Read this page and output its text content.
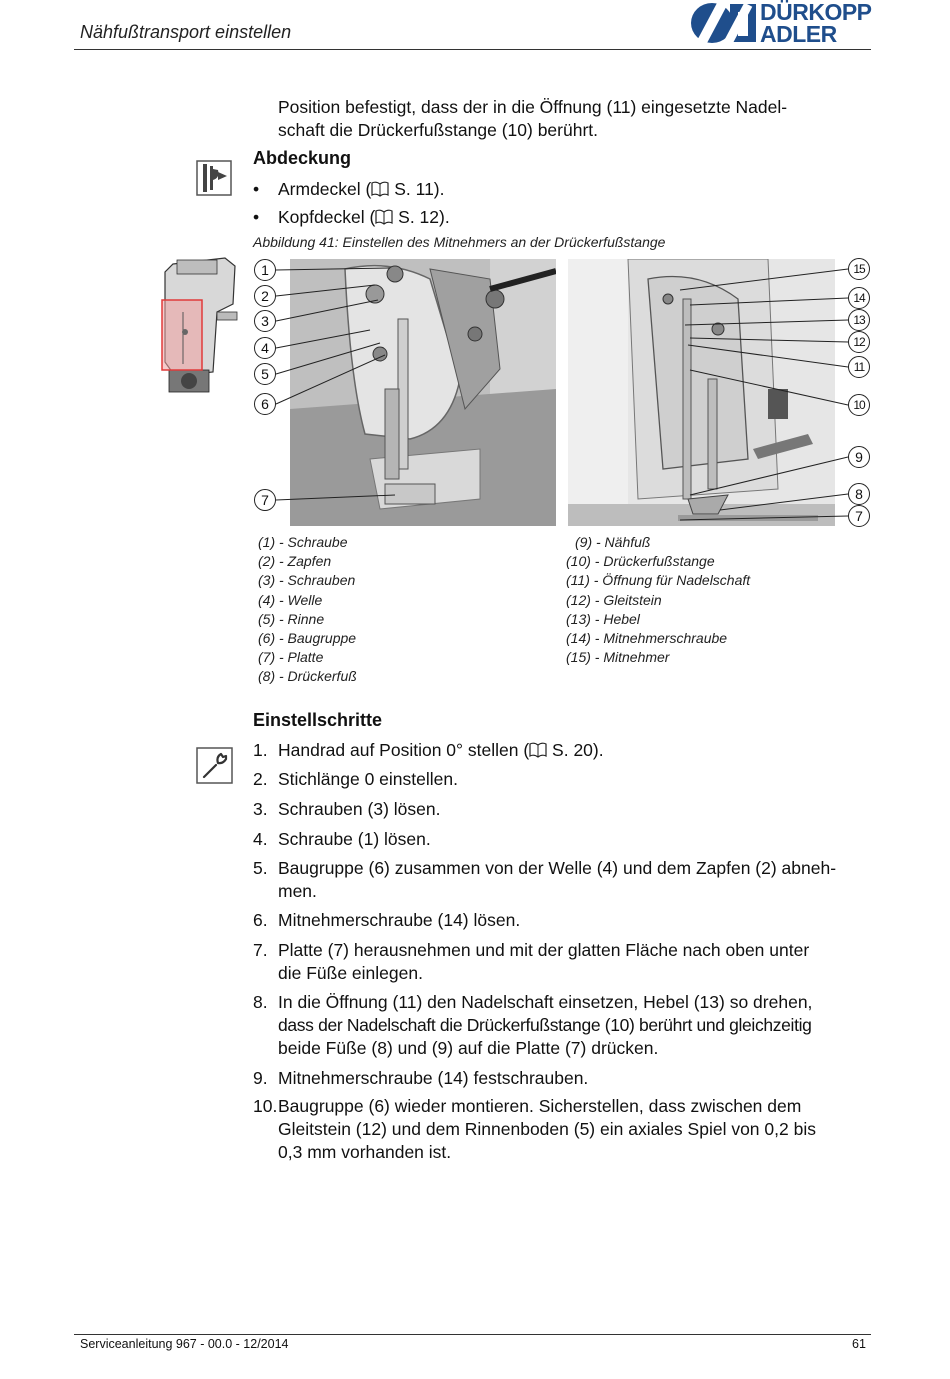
Nähfußtransport einstellen
DÜRKOPP
ADLER
Position befestigt, dass der in die Öffnung (11) eingesetzte Nadel-
schaft die Drückerfußstange (10) berührt.
Abdeckung
• Armdeckel ( S. 11).
• Kopfdeckel ( S. 12).
Abbildung 41: Einstellen des Mitnehmers an der Drückerfußstange
1
2
3
4
5
6
7
15
14
13
12
11
10
9
8
7
(1) - Schraube
(2) - Zapfen
(3) - Schrauben
(4) - Welle
(5) - Rinne
(6) - Baugruppe
(7) - Platte
(8) - Drückerfuß
(9) - Nähfuß
(10) - Drückerfußstange
(11) - Öffnung für Nadelschaft
(12) - Gleitstein
(13) - Hebel
(14) - Mitnehmerschraube
(15) - Mitnehmer
Einstellschritte
1. Handrad auf Position 0° stellen ( S. 20).
2. Stichlänge 0 einstellen.
3. Schrauben (3) lösen.
4. Schraube (1) lösen.
5. Baugruppe (6) zusammen von der Welle (4) und dem Zapfen (2) abneh-
men.
6. Mitnehmerschraube (14) lösen.
7. Platte (7) herausnehmen und mit der glatten Fläche nach oben unter
die Füße einlegen.
8. In die Öffnung (11) den Nadelschaft einsetzen, Hebel (13) so drehen,
dass der Nadelschaft die Drückerfußstange (10) berührt und gleichzeitig
beide Füße (8) und (9) auf die Platte (7) drücken.
9. Mitnehmerschraube (14) festschrauben.
10. Baugruppe (6) wieder montieren. Sicherstellen, dass zwischen dem
Gleitstein (12) und dem Rinnenboden (5) ein axiales Spiel von 0,2 bis
0,3 mm vorhanden ist.
Serviceanleitung 967 - 00.0 - 12/2014	61
